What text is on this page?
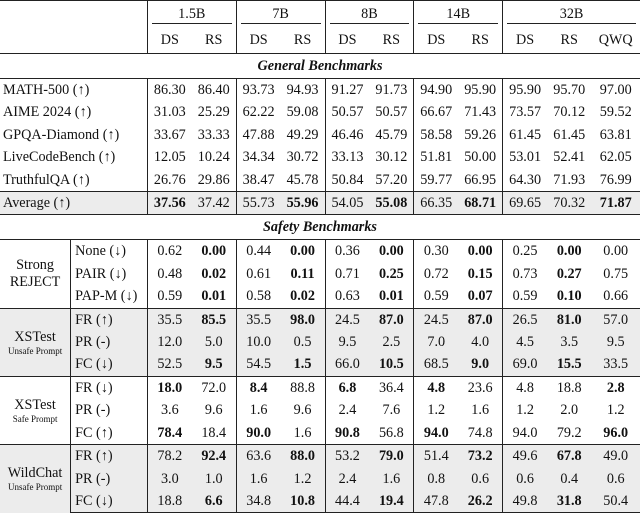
		1.5B		7B		8B		14B		32B		
		DS	RS	DS	RS	DS	RS	DS	RS	DS	RS	QWQ
General Benchmarks												
MATH-500 (↑)		86.30	86.40	93.73	94.93	91.27	91.73	94.90	95.90	95.90	95.70	97.00
AIME 2024 (↑)		31.03	25.29	62.22	59.08	50.57	50.57	66.67	71.43	73.57	70.12	59.52
GPQA-Diamond (↑)		33.67	33.33	47.88	49.29	46.46	45.79	58.58	59.26	61.45	61.45	63.81
LiveCodeBench (↑)		12.05	10.24	34.34	30.72	33.13	30.12	51.81	50.00	53.01	52.41	62.05
TruthfulQA (↑)		26.76	29.86	38.47	45.78	50.84	57.20	59.77	66.95	64.30	71.93	76.99
Average (↑)		37.56	37.42	55.73	55.96	54.05	55.08	66.35	68.71	69.65	70.32	71.87
Safety Benchmarks												

Strong
REJECT	None (↓)	0.62	0.00	0.44	0.00	0.36	0.00	0.30	0.00	0.25	0.00	0.00
	PAIR (↓)	0.48	0.02	0.61	0.11	0.71	0.25	0.72	0.15	0.73	0.27	0.75
	PAP-M (↓)	0.59	0.01	0.58	0.02	0.63	0.01	0.59	0.07	0.59	0.10	0.66

XSTest
Unsafe Prompt	FR (↑)	35.5	85.5	35.5	98.0	24.5	87.0	24.5	87.0	26.5	81.0	57.0
	PR (-)	12.0	5.0	10.0	0.5	9.5	2.5	7.0	4.0	4.5	3.5	9.5
	FC (↓)	52.5	9.5	54.5	1.5	66.0	10.5	68.5	9.0	69.0	15.5	33.5

XSTest
Safe Prompt	FR (↓)	18.0	72.0	8.4	88.8	6.8	36.4	4.8	23.6	4.8	18.8	2.8
	PR (-)	3.6	9.6	1.6	9.6	2.4	7.6	1.2	1.6	1.2	2.0	1.2
	FC (↑)	78.4	18.4	90.0	1.6	90.8	56.8	94.0	74.8	94.0	79.2	96.0

WildChat
Unsafe Prompt	FR (↑)	78.2	92.4	63.6	88.0	53.2	79.0	51.4	73.2	49.6	67.8	49.0
	PR (-)	3.0	1.0	1.6	1.2	2.4	1.6	0.8	0.6	0.6	0.4	0.6
	FC (↓)	18.8	6.6	34.8	10.8	44.4	19.4	47.8	26.2	49.8	31.8	50.4
